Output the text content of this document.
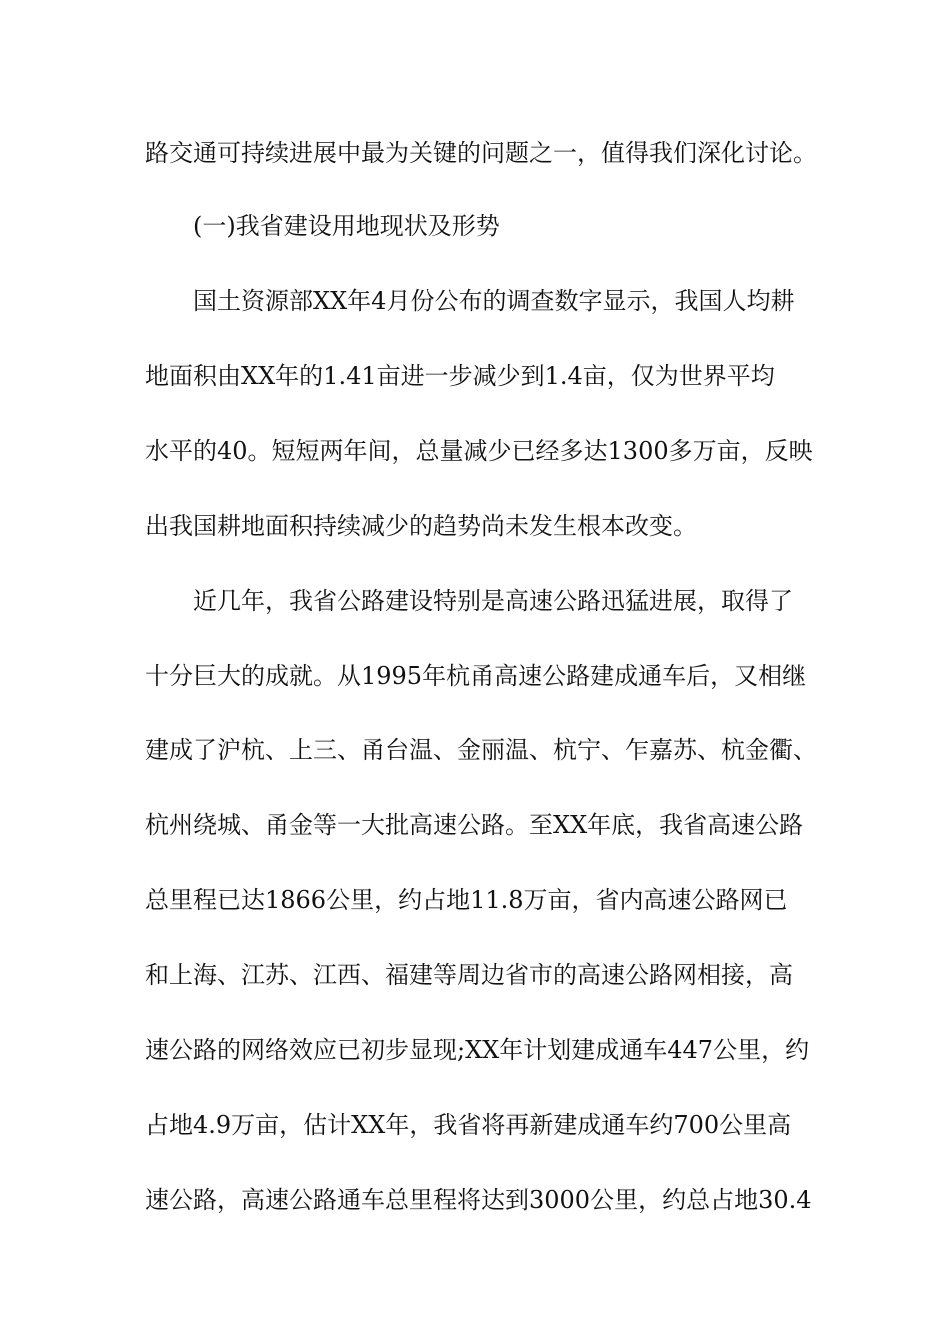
路交通可持续进展中最为关键的问题之一，值得我们深化讨论。
(一)我省建设用地现状及形势
国土资源部XX年4月份公布的调查数字显示，我国人均耕
地面积由XX年的1.41亩进一步减少到1.4亩，仅为世界平均
水平的40。短短两年间，总量减少已经多达1300多万亩，反映
出我国耕地面积持续减少的趋势尚未发生根本改变。
近几年，我省公路建设特别是高速公路迅猛进展，取得了
十分巨大的成就。从1995年杭甬高速公路建成通车后，又相继
建成了沪杭、上三、甬台温、金丽温、杭宁、乍嘉苏、杭金衢、
杭州绕城、甬金等一大批高速公路。至XX年底，我省高速公路
总里程已达1866公里，约占地11.8万亩，省内高速公路网已
和上海、江苏、江西、福建等周边省市的高速公路网相接，高
速公路的网络效应已初步显现;XX年计划建成通车447公里，约
占地4.9万亩，估计XX年，我省将再新建成通车约700公里高
速公路，高速公路通车总里程将达到3000公里，约总占地30.4
